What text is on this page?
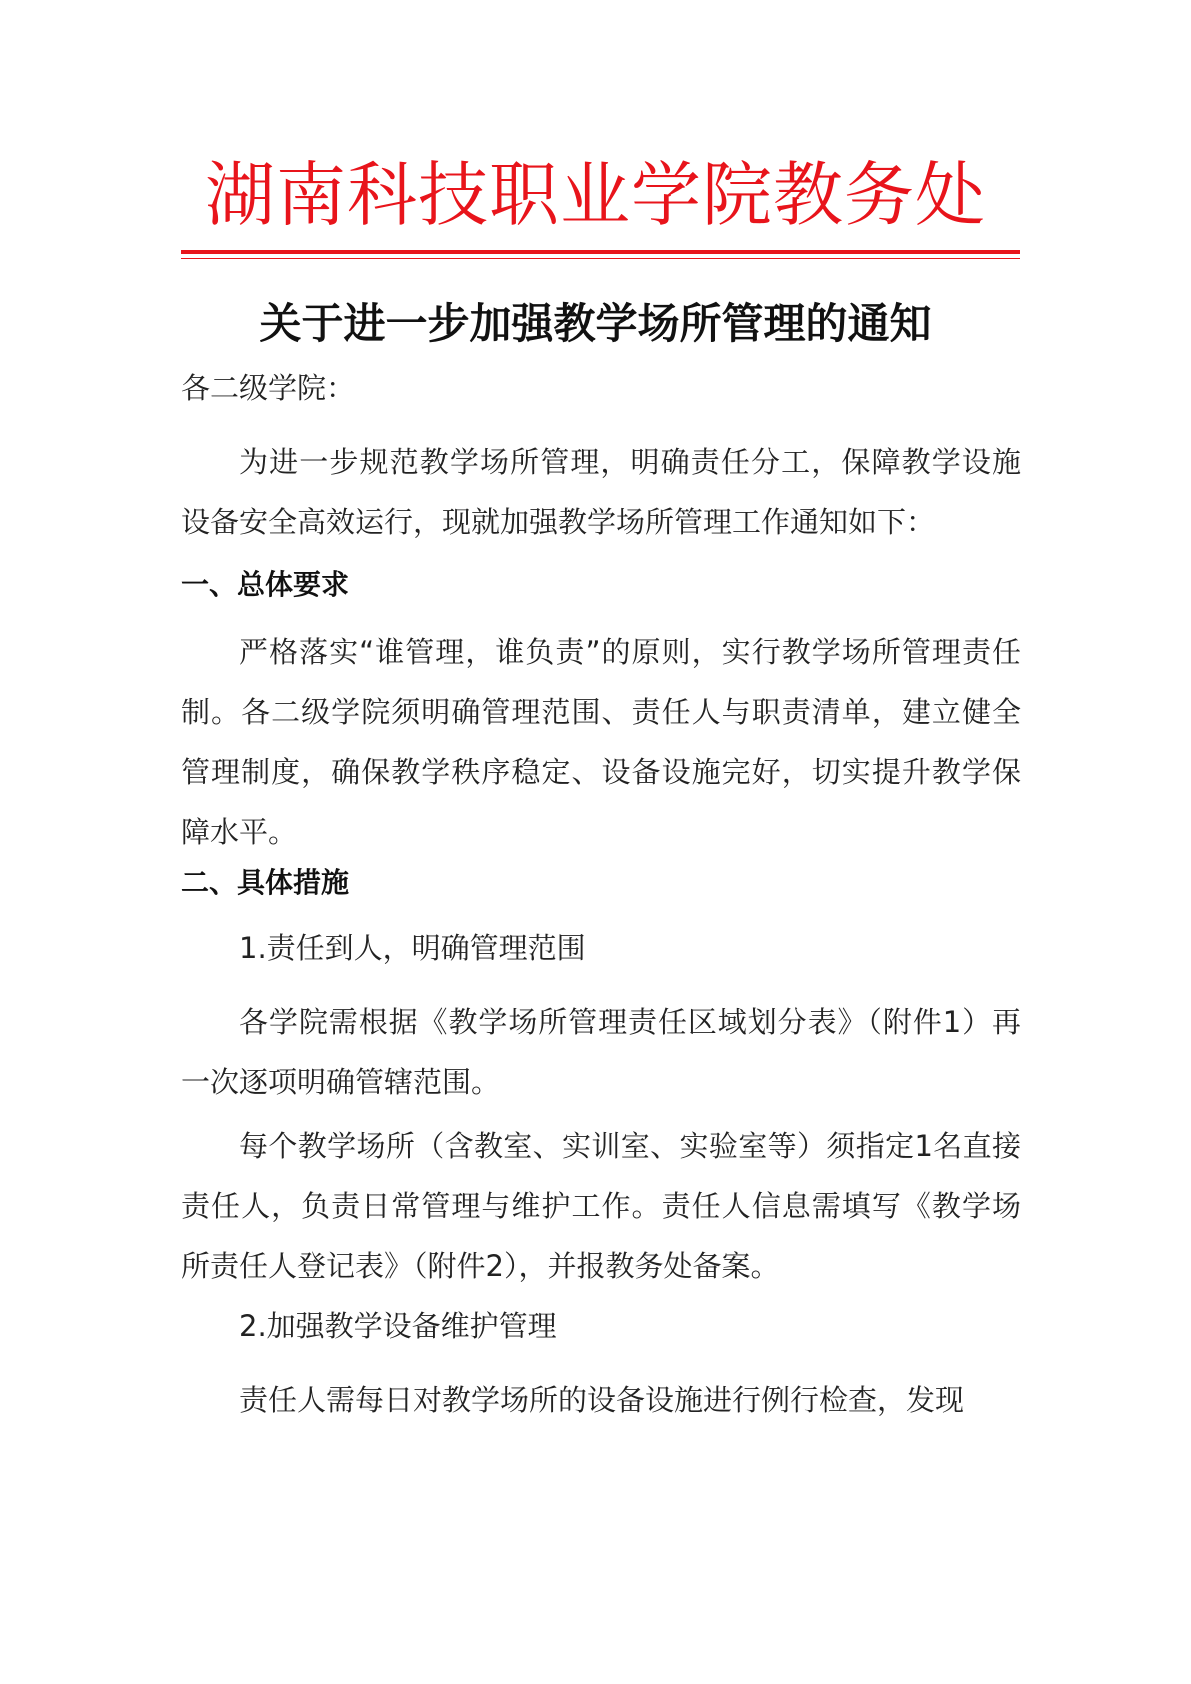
湖南科技职业学院教务处
关于进一步加强教学场所管理的通知

各二级学院：

为进一步规范教学场所管理，明确责任分工，保障教学设施设备安全高效运行，现就加强教学场所管理工作通知如下：

一、总体要求

严格落实“谁管理，谁负责”的原则，实行教学场所管理责任制。各二级学院须明确管理范围、责任人与职责清单，建立健全管理制度，确保教学秩序稳定、设备设施完好，切实提升教学保障水平。

二、具体措施

1.责任到人，明确管理范围

各学院需根据《教学场所管理责任区域划分表》（附件1）再一次逐项明确管辖范围。

每个教学场所（含教室、实训室、实验室等）须指定1名直接责任人，负责日常管理与维护工作。责任人信息需填写《教学场所责任人登记表》（附件2），并报教务处备案。

2.加强教学设备维护管理

责任人需每日对教学场所的设备设施进行例行检查，发现
